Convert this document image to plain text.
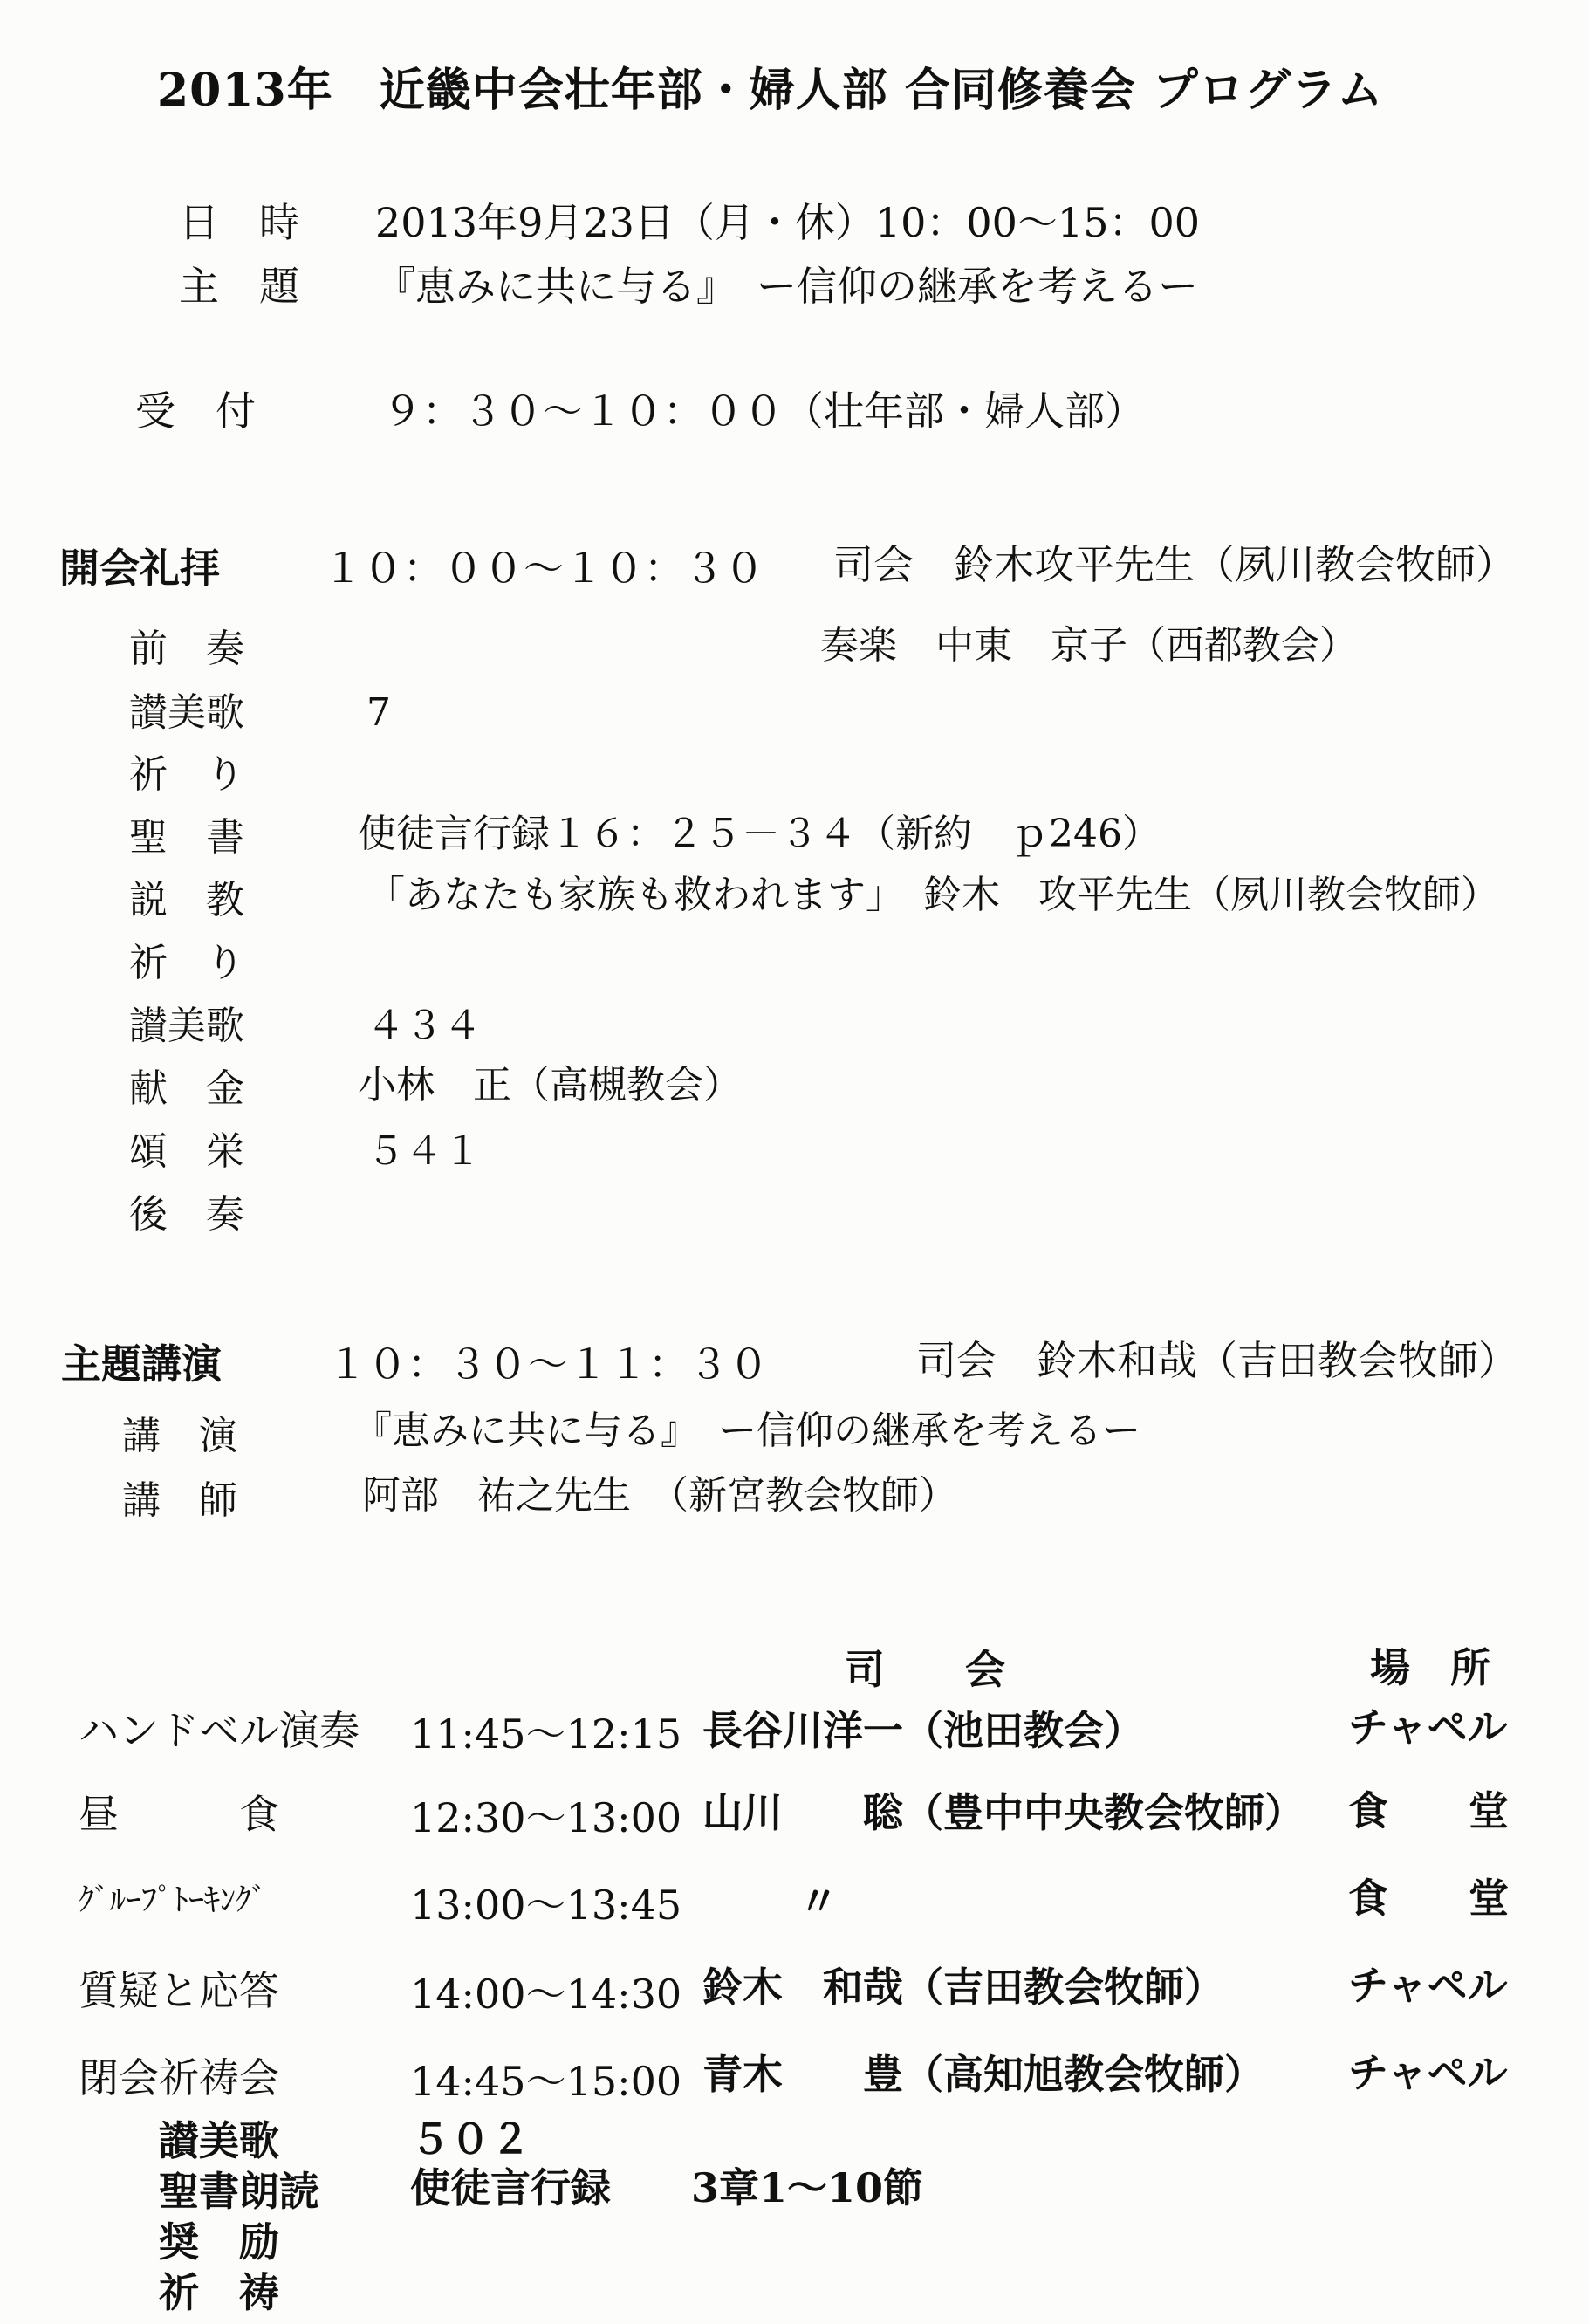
2013年　近畿中会壮年部・婦人部 合同修養会 プログラム
日　時 2013年9月23日（月・休）10：00〜15：00
主　題 『恵みに共に与る』　ー信仰の継承を考えるー
受　付	９：３０〜１０：００（壮年部・婦人部）
開会礼拝	１０：００〜１０：３０ 司会　鈴木攻平先生（夙川教会牧師）
前　奏	奏楽　中東　京子（西都教会）
讃美歌	7
祈　り
聖　書	使徒言行録１６：２５－３４（新約　ｐ246）
説　教	「あなたも家族も救われます」　鈴木　攻平先生（夙川教会牧師）
祈　り
讃美歌	４３４
献　金	小林　正（高槻教会）
頌　栄	５４１
後　奏
主題講演	１０：３０〜１１：３０	司会　鈴木和哉（吉田教会牧師）
講　演	『恵みに共に与る』　ー信仰の継承を考えるー
講　師	阿部　祐之先生　（新宮教会牧師）
司　　会	場　所
ハンドベル演奏 11:45〜12:15 長谷川洋一（池田教会）	チャペル
昼　　　食	12:30〜13:00 山川　　聡（豊中中央教会牧師） 食　　堂
ｸﾞﾙｰﾌﾟﾄｰｷﾝｸﾞ	13:00〜13:45	〃	食　　堂
質疑と応答	14:00〜14:30 鈴木　和哉（吉田教会牧師）	チャペル
閉会祈祷会	14:45〜15:00 青木　　豊（高知旭教会牧師） チャペル
讃美歌	５０２
聖書朗読 使徒言行録　　3章1〜10節
奨　励
祈　祷
